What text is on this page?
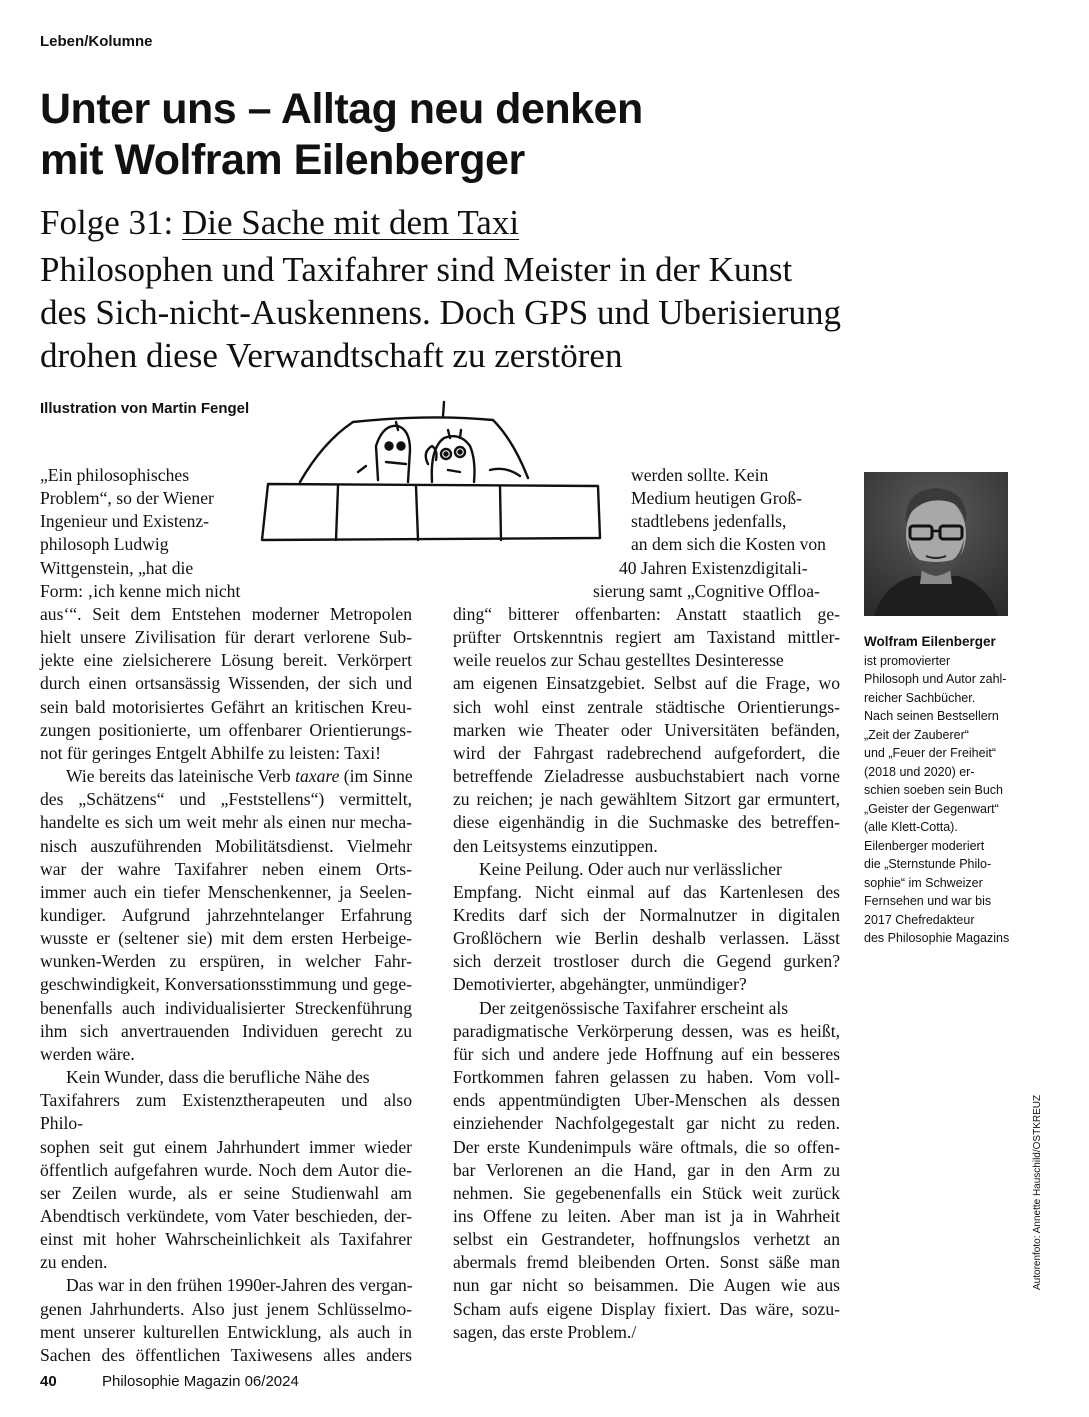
Leben/Kolumne
Unter uns – Alltag neu denken
mit Wolfram Eilenberger
Folge 31: Die Sache mit dem Taxi
Philosophen und Taxifahrer sind Meister in der Kunst
des Sich-nicht-Auskennens. Doch GPS und Uberisierung
drohen diese Verwandtschaft zu zerstören
Illustration von Martin Fengel
„Ein philosophisches
Problem“, so der Wiener
Ingenieur und Existenz-
philosoph Ludwig
Wittgenstein, „hat die
Form: ‚ich kenne mich nicht
aus‘“. Seit dem Entstehen moderner Metropolen
hielt unsere Zivilisation für derart verlorene Sub-
jekte eine zielsicherere Lösung bereit. Verkörpert
durch einen ortsansässig Wissenden, der sich und
sein bald motorisiertes Gefährt an kritischen Kreu-
zungen positionierte, um offenbarer Orientierungs-
not für geringes Entgelt Abhilfe zu leisten: Taxi!
Wie bereits das lateinische Verb taxare (im Sinne
des „Schätzens“ und „Feststellens“) vermittelt,
handelte es sich um weit mehr als einen nur mecha-
nisch auszuführenden Mobilitätsdienst. Vielmehr
war der wahre Taxifahrer neben einem Orts-
immer auch ein tiefer Menschenkenner, ja Seelen-
kundiger. Aufgrund jahrzehntelanger Erfahrung
wusste er (seltener sie) mit dem ersten Herbeige-
wunken-Werden zu erspüren, in welcher Fahr-
geschwindigkeit, Konversationsstimmung und gege-
benenfalls auch individualisierter Streckenführung
ihm sich anvertrauenden Individuen gerecht zu
werden wäre.
Kein Wunder, dass die berufliche Nähe des
Taxifahrers zum Existenztherapeuten und also Philo-
sophen seit gut einem Jahrhundert immer wieder
öffentlich aufgefahren wurde. Noch dem Autor die-
ser Zeilen wurde, als er seine Studienwahl am
Abendtisch verkündete, vom Vater beschieden, der-
einst mit hoher Wahrscheinlichkeit als Taxifahrer
zu enden.
Das war in den frühen 1990er-Jahren des vergan-
genen Jahrhunderts. Also just jenem Schlüsselmo-
ment unserer kulturellen Entwicklung, als auch in
Sachen des öffentlichen Taxiwesens alles anders
werden sollte. Kein
Medium heutigen Groß-
stadtlebens jedenfalls,
an dem sich die Kosten von
40 Jahren Existenzdigitali-
sierung samt „Cognitive Offloa-
ding“ bitterer offenbarten: Anstatt staatlich ge-
prüfter Ortskenntnis regiert am Taxistand mittler-
weile reuelos zur Schau gestelltes Desinteresse
am eigenen Einsatzgebiet. Selbst auf die Frage, wo
sich wohl einst zentrale städtische Orientierungs-
marken wie Theater oder Universitäten befänden,
wird der Fahrgast radebrechend aufgefordert, die
betreffende Zieladresse ausbuchstabiert nach vorne
zu reichen; je nach gewähltem Sitzort gar ermuntert,
diese eigenhändig in die Suchmaske des betreffen-
den Leitsystems einzutippen.
Keine Peilung. Oder auch nur verlässlicher
Empfang. Nicht einmal auf das Kartenlesen des
Kredits darf sich der Normalnutzer in digitalen
Großlöchern wie Berlin deshalb verlassen. Lässt
sich derzeit trostloser durch die Gegend gurken?
Demotivierter, abgehängter, unmündiger?
Der zeitgenössische Taxifahrer erscheint als
paradigmatische Verkörperung dessen, was es heißt,
für sich und andere jede Hoffnung auf ein besseres
Fortkommen fahren gelassen zu haben. Vom voll-
ends appentmündigten Uber-Menschen als dessen
einziehender Nachfolgegestalt gar nicht zu reden.
Der erste Kundenimpuls wäre oftmals, die so offen-
bar Verlorenen an die Hand, gar in den Arm zu
nehmen. Sie gegebenenfalls ein Stück weit zurück
ins Offene zu leiten. Aber man ist ja in Wahrheit
selbst ein Gestrandeter, hoffnungslos verhetzt an
abermals fremd bleibenden Orten. Sonst säße man
nun gar nicht so beisammen. Die Augen wie aus
Scham aufs eigene Display fixiert. Das wäre, sozu-
sagen, das erste Problem./
Wolfram Eilenberger
ist promovierter
Philosoph und Autor zahl-
reicher Sachbücher.
Nach seinen Bestsellern
„Zeit der Zauberer“
und „Feuer der Freiheit“
(2018 und 2020) er-
schien soeben sein Buch
„Geister der Gegenwart“
(alle Klett-Cotta).
Eilenberger moderiert
die „Sternstunde Philo-
sophie“ im Schweizer
Fernsehen und war bis
2017 Chefredakteur
des Philosophie Magazins
Autorenfoto: Annette Hauschild/OSTKREUZ
40	Philosophie Magazin 06/2024
